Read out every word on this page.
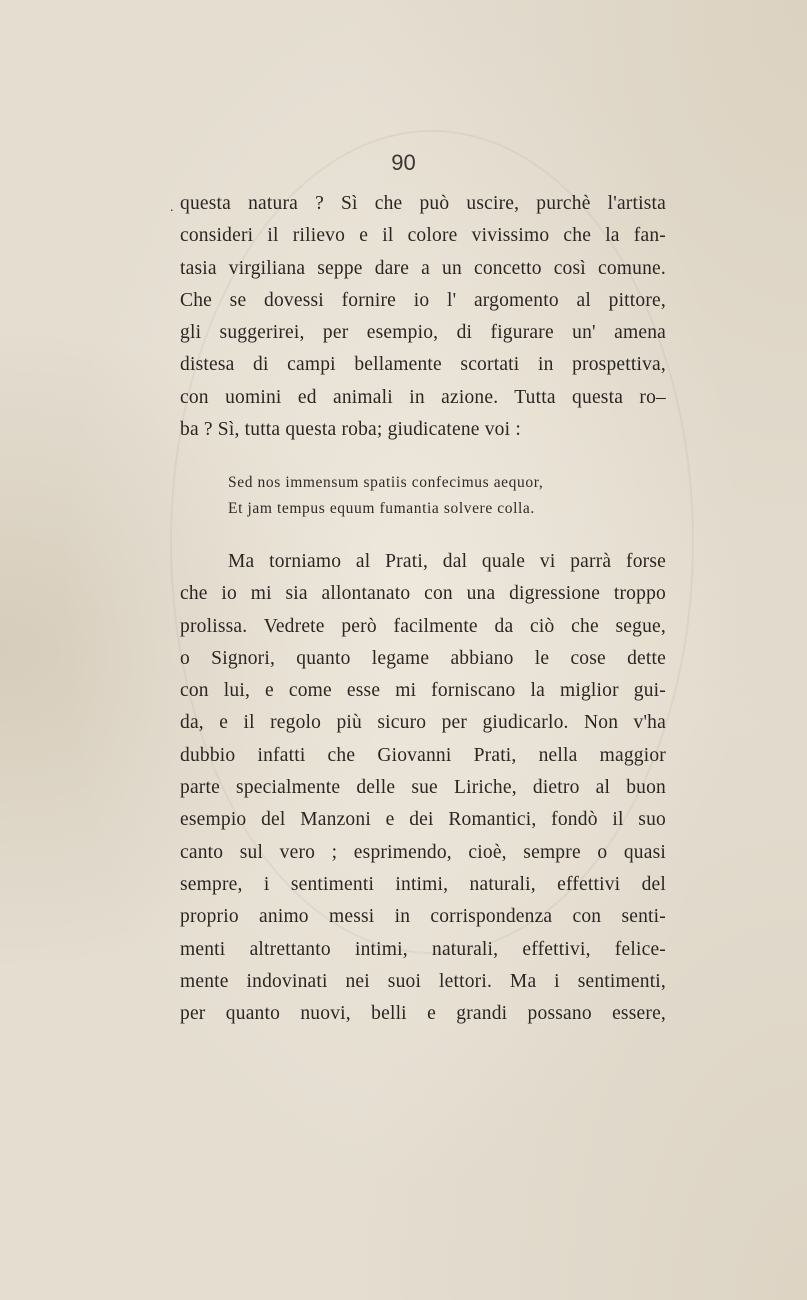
90
. questa natura ? Sì che può uscire, purchè l'artista
consideri il rilievo e il colore vivissimo che la fan-
tasia virgiliana seppe dare a un concetto così comune.
Che se dovessi fornire io l' argomento al pittore,
gli suggerirei, per esempio, di figurare un' amena
distesa di campi bellamente scortati in prospettiva,
con uomini ed animali in azione. Tutta questa ro–
ba ? Sì, tutta questa roba; giudicatene voi :
Sed nos immensum spatiis confecimus aequor,
Et jam tempus equum fumantia solvere colla.
Ma torniamo al Prati, dal quale vi parrà forse
che io mi sia allontanato con una digressione troppo
prolissa. Vedrete però facilmente da ciò che segue,
o Signori, quanto legame abbiano le cose dette
con lui, e come esse mi forniscano la miglior gui-
da, e il regolo più sicuro per giudicarlo. Non v'ha
dubbio infatti che Giovanni Prati, nella maggior
parte specialmente delle sue Liriche, dietro al buon
esempio del Manzoni e dei Romantici, fondò il suo
canto sul vero ; esprimendo, cioè, sempre o quasi
sempre, i sentimenti intimi, naturali, effettivi del
proprio animo messi in corrispondenza con senti-
menti altrettanto intimi, naturali, effettivi, felice-
mente indovinati nei suoi lettori. Ma i sentimenti,
per quanto nuovi, belli e grandi possano essere,
